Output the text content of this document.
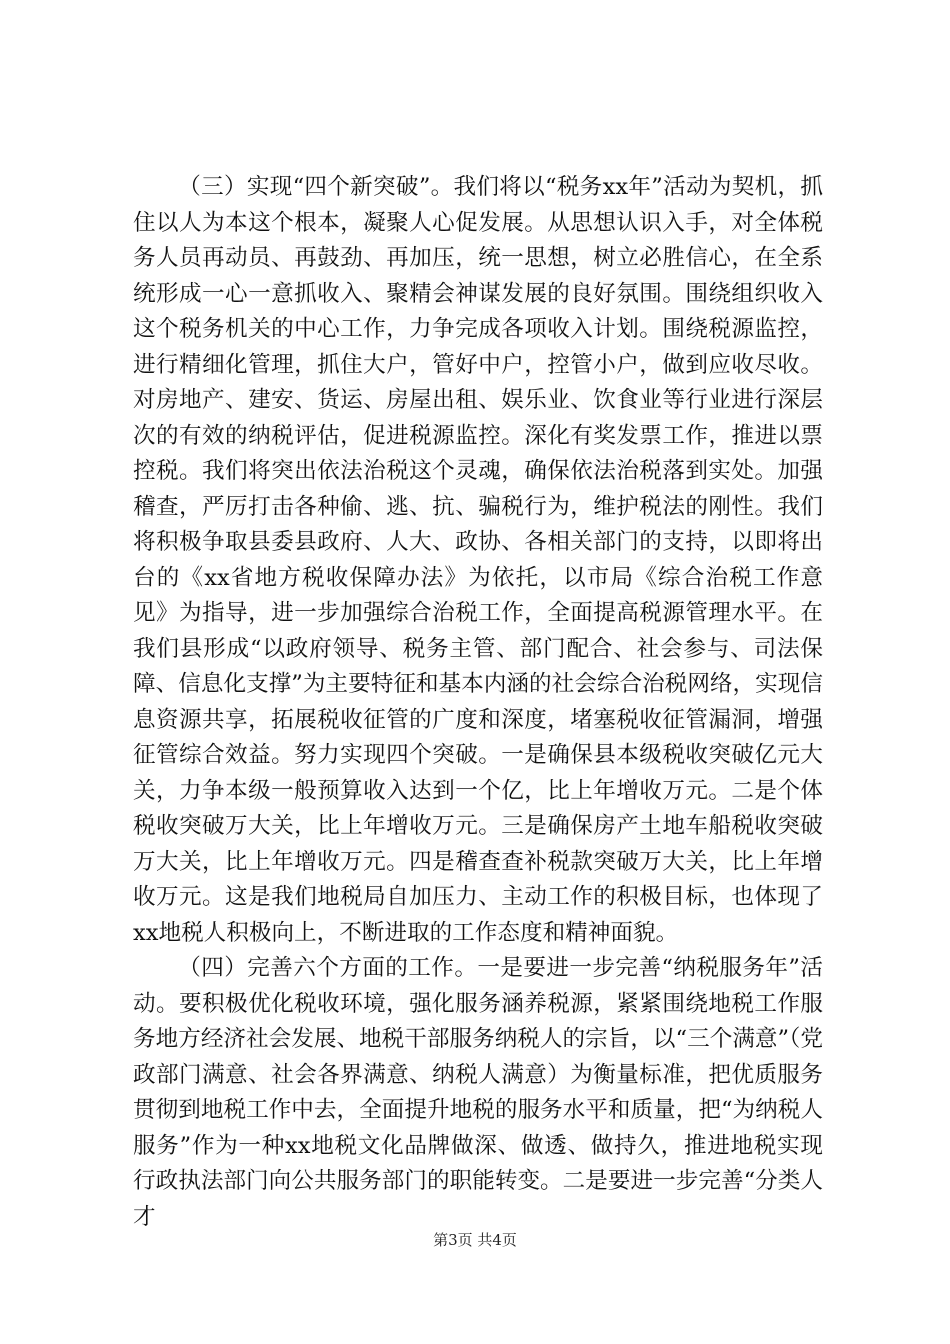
（三）实现“四个新突破”。我们将以“税务xx年”活动为契机，抓住以人为本这个根本，凝聚人心促发展。从思想认识入手，对全体税务人员再动员、再鼓劲、再加压，统一思想，树立必胜信心，在全系统形成一心一意抓收入、聚精会神谋发展的良好氛围。围绕组织收入这个税务机关的中心工作，力争完成各项收入计划。围绕税源监控，进行精细化管理，抓住大户，管好中户，控管小户，做到应收尽收。对房地产、建安、货运、房屋出租、娱乐业、饮食业等行业进行深层次的有效的纳税评估，促进税源监控。深化有奖发票工作，推进以票控税。我们将突出依法治税这个灵魂，确保依法治税落到实处。加强稽查，严厉打击各种偷、逃、抗、骗税行为，维护税法的刚性。我们将积极争取县委县政府、人大、政协、各相关部门的支持，以即将出台的《xx省地方税收保障办法》为依托，以市局《综合治税工作意见》为指导，进一步加强综合治税工作，全面提高税源管理水平。在我们县形成“以政府领导、税务主管、部门配合、社会参与、司法保障、信息化支撑”为主要特征和基本内涵的社会综合治税网络，实现信息资源共享，拓展税收征管的广度和深度，堵塞税收征管漏洞，增强征管综合效益。努力实现四个突破。一是确保县本级税收突破亿元大关，力争本级一般预算收入达到一个亿，比上年增收万元。二是个体税收突破万大关，比上年增收万元。三是确保房产土地车船税收突破万大关，比上年增收万元。四是稽查查补税款突破万大关，比上年增收万元。这是我们地税局自加压力、主动工作的积极目标，也体现了xx地税人积极向上，不断进取的工作态度和精神面貌。

（四）完善六个方面的工作。一是要进一步完善“纳税服务年”活动。要积极优化税收环境，强化服务涵养税源，紧紧围绕地税工作服务地方经济社会发展、地税干部服务纳税人的宗旨，以“三个满意”（党政部门满意、社会各界满意、纳税人满意）为衡量标准，把优质服务贯彻到地税工作中去，全面提升地税的服务水平和质量，把“为纳税人服务”作为一种xx地税文化品牌做深、做透、做持久，推进地税实现行政执法部门向公共服务部门的职能转变。二是要进一步完善“分类人才

第3页 共4页
